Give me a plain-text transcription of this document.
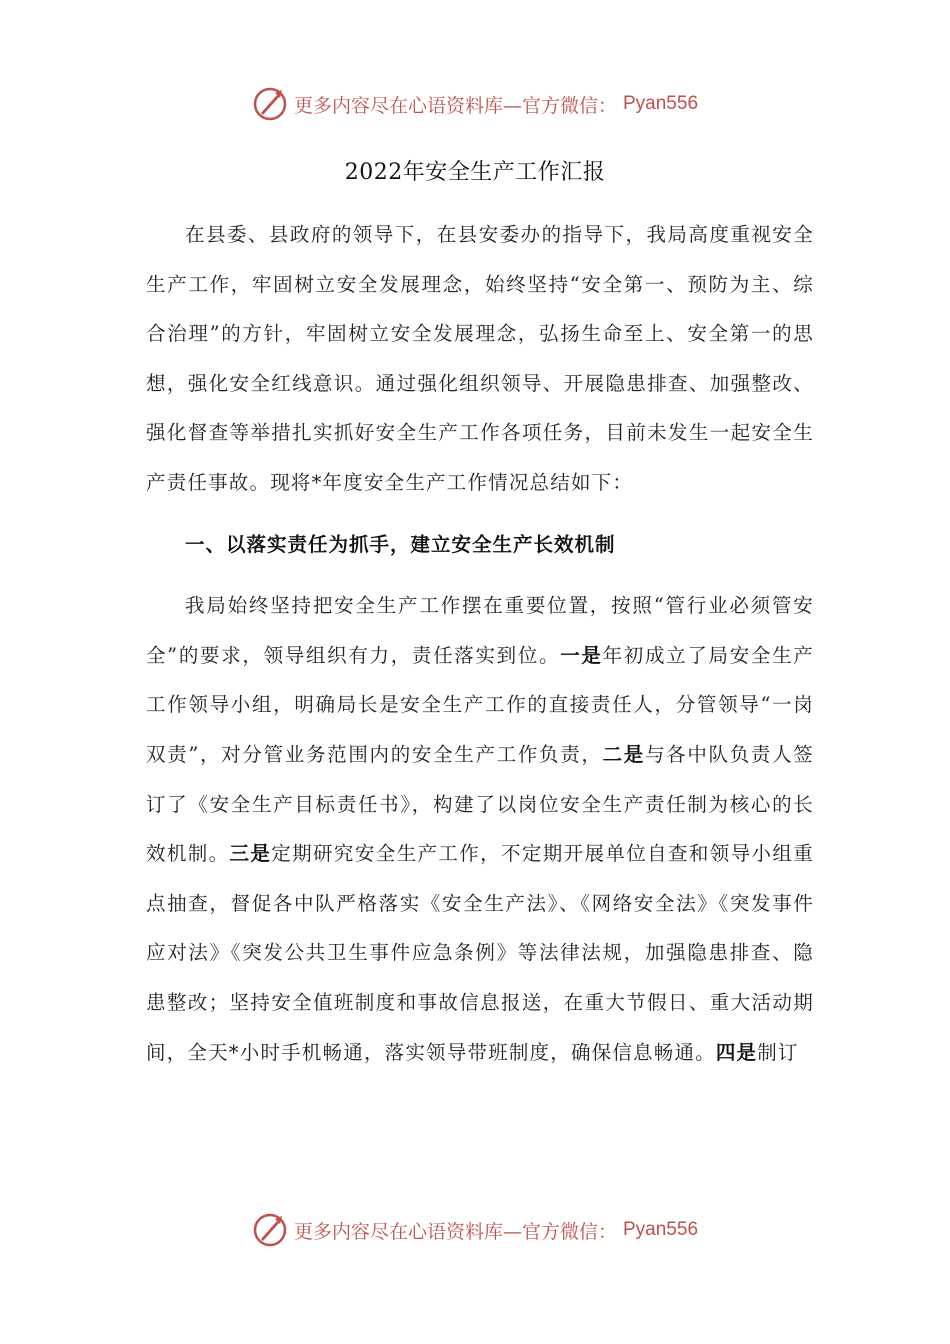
更多内容尽在心语资料库—官方微信： Pyan556
2022年安全生产工作汇报

在县委、县政府的领导下，在县安委办的指导下，我局高度重视安全生产工作，牢固树立安全发展理念，始终坚持“安全第一、预防为主、综合治理”的方针，牢固树立安全发展理念，弘扬生命至上、安全第一的思想，强化安全红线意识。通过强化组织领导、开展隐患排查、加强整改、强化督查等举措扎实抓好安全生产工作各项任务，目前未发生一起安全生产责任事故。现将*年度安全生产工作情况总结如下：

一、以落实责任为抓手，建立安全生产长效机制

我局始终坚持把安全生产工作摆在重要位置，按照“管行业必须管安全”的要求，领导组织有力，责任落实到位。一是年初成立了局安全生产工作领导小组，明确局长是安全生产工作的直接责任人，分管领导“一岗双责”，对分管业务范围内的安全生产工作负责，二是与各中队负责人签订了《安全生产目标责任书》，构建了以岗位安全生产责任制为核心的长效机制。三是定期研究安全生产工作，不定期开展单位自查和领导小组重点抽查，督促各中队严格落实《安全生产法》、《网络安全法》《突发事件应对法》《突发公共卫生事件应急条例》等法律法规，加强隐患排查、隐患整改；坚持安全值班制度和事故信息报送，在重大节假日、重大活动期间，全天*小时手机畅通，落实领导带班制度，确保信息畅通。四是制订

更多内容尽在心语资料库—官方微信： Pyan556
